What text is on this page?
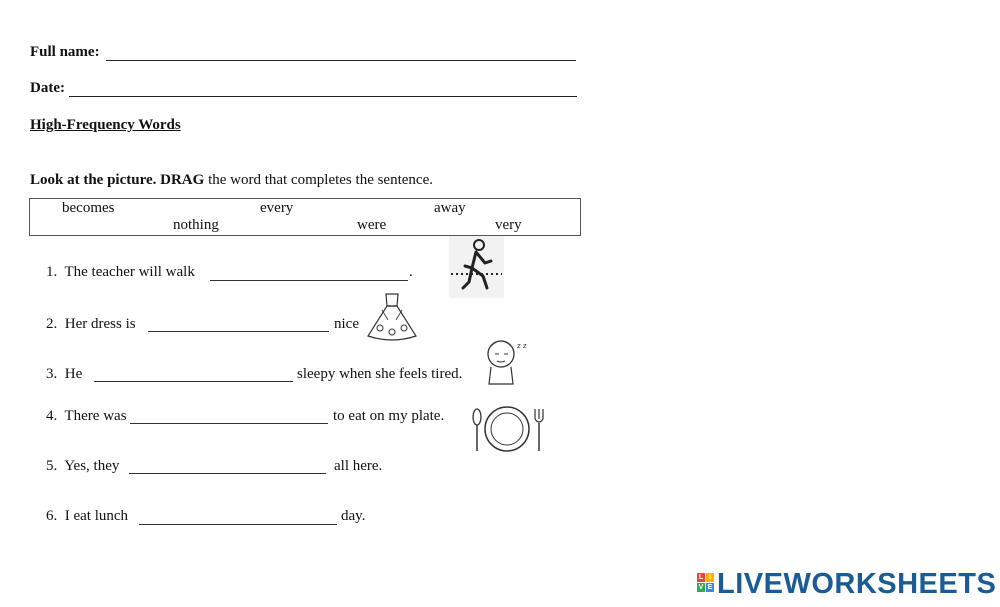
Full name:
Date:
High-Frequency Words
Look at the picture. DRAG the word that completes the sentence.
becomes	every	away
nothing	were	very
1. The teacher will walk	.
2. Her dress is	nice
3. He	sleepy when she feels tired.
4. There was	to eat on my plate.
5. Yes, they	all here.
6. I eat lunch	day.
z z
L I
V E LIVEWORKSHEETS
